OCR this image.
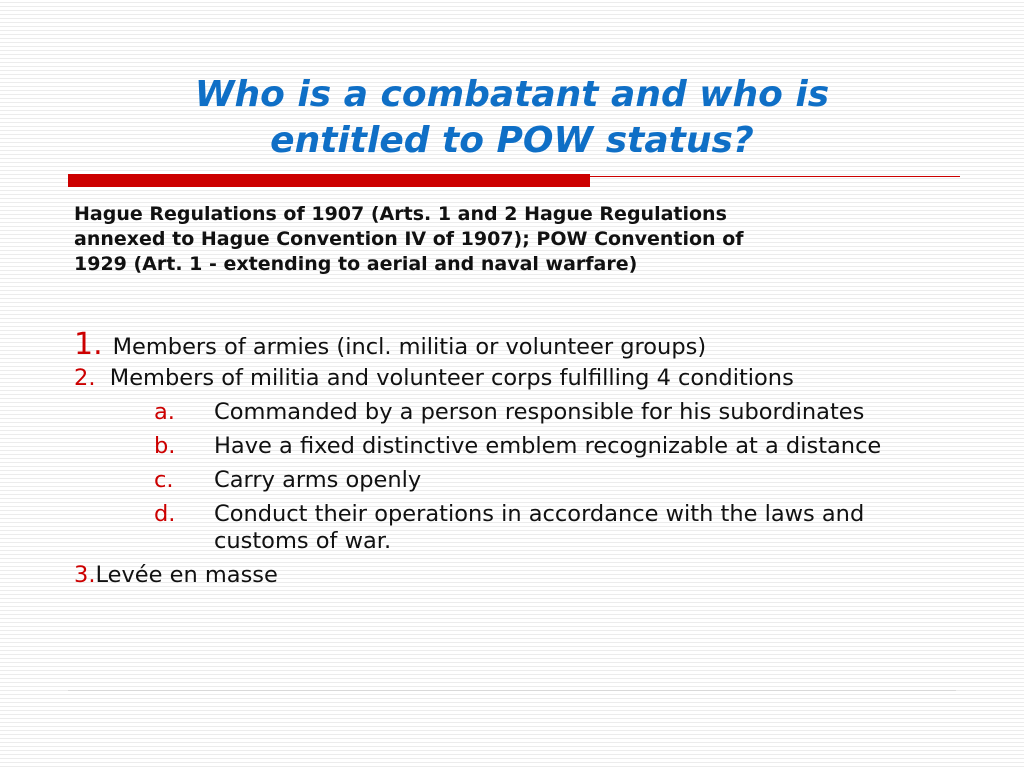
Who is a combatant and who is
entitled to POW status?
Hague Regulations of 1907 (Arts. 1 and 2 Hague Regulations
annexed to Hague Convention IV of 1907); POW Convention of
1929 (Art. 1 - extending to aerial and naval warfare)
1. Members of armies (incl. militia or volunteer groups)
2. Members of militia and volunteer corps fulfilling 4 conditions
a. Commanded by a person responsible for his subordinates
b. Have a fixed distinctive emblem recognizable at a distance
c. Carry arms openly
d. Conduct their operations in accordance with the laws and customs of war.
3.Levée en masse
